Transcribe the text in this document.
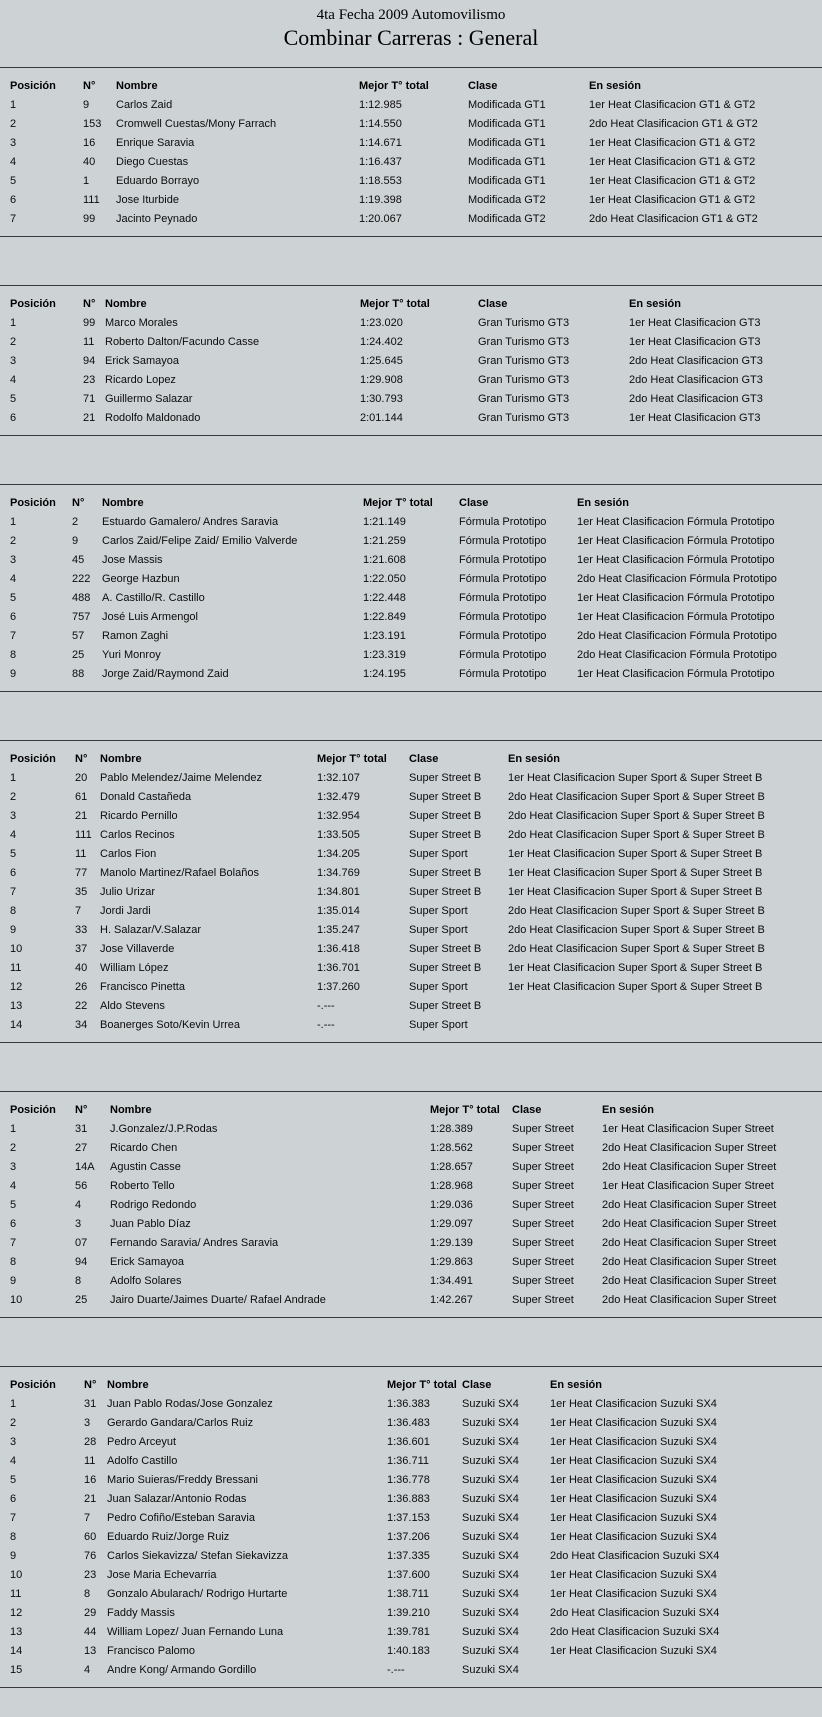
4ta Fecha 2009 Automovilismo
Combinar Carreras : General
Posición	N°	Nombre	Mejor T° total	Clase	En sesión
1	9	Carlos Zaid	1:12.985	Modificada GT1	1er Heat Clasificacion GT1 & GT2
2	153	Cromwell Cuestas/Mony Farrach	1:14.550	Modificada GT1	2do Heat Clasificacion GT1 & GT2
3	16	Enrique Saravia	1:14.671	Modificada GT1	1er Heat Clasificacion GT1 & GT2
4	40	Diego Cuestas	1:16.437	Modificada GT1	1er Heat Clasificacion GT1 & GT2
5	1	Eduardo Borrayo	1:18.553	Modificada GT1	1er Heat Clasificacion GT1 & GT2
6	111	Jose Iturbide	1:19.398	Modificada GT2	1er Heat Clasificacion GT1 & GT2
7	99	Jacinto Peynado	1:20.067	Modificada GT2	2do Heat Clasificacion GT1 & GT2
Posición	N° Nombre	Mejor T° total	Clase	En sesión
1	99 Marco Morales	1:23.020	Gran Turismo GT3	1er Heat Clasificacion GT3
2	11 Roberto Dalton/Facundo Casse	1:24.402	Gran Turismo GT3	1er Heat Clasificacion GT3
3	94 Erick Samayoa	1:25.645	Gran Turismo GT3	2do Heat Clasificacion GT3
4	23 Ricardo Lopez	1:29.908	Gran Turismo GT3	2do Heat Clasificacion GT3
5	71 Guillermo Salazar	1:30.793	Gran Turismo GT3	2do Heat Clasificacion GT3
6	21 Rodolfo Maldonado	2:01.144	Gran Turismo GT3	1er Heat Clasificacion GT3
Posición	N°	Nombre	Mejor T° total	Clase	En sesión
1	2	Estuardo Gamalero/ Andres Saravia	1:21.149	Fórmula Prototipo	1er Heat Clasificacion Fórmula Prototipo
2	9	Carlos Zaid/Felipe Zaid/ Emilio Valverde	1:21.259	Fórmula Prototipo	1er Heat Clasificacion Fórmula Prototipo
3	45	Jose Massis	1:21.608	Fórmula Prototipo	1er Heat Clasificacion Fórmula Prototipo
4	222	George Hazbun	1:22.050	Fórmula Prototipo	2do Heat Clasificacion Fórmula Prototipo
5	488	A. Castillo/R. Castillo	1:22.448	Fórmula Prototipo	1er Heat Clasificacion Fórmula Prototipo
6	757	José Luis Armengol	1:22.849	Fórmula Prototipo	1er Heat Clasificacion Fórmula Prototipo
7	57	Ramon Zaghi	1:23.191	Fórmula Prototipo	2do Heat Clasificacion Fórmula Prototipo
8	25	Yuri Monroy	1:23.319	Fórmula Prototipo	2do Heat Clasificacion Fórmula Prototipo
9	88	Jorge Zaid/Raymond Zaid	1:24.195	Fórmula Prototipo	1er Heat Clasificacion Fórmula Prototipo
Posición	N°	Nombre	Mejor T° total	Clase	En sesión
1	20	Pablo Melendez/Jaime Melendez	1:32.107	Super Street B	1er Heat Clasificacion Super Sport & Super Street B
2	61	Donald Castañeda	1:32.479	Super Street B	2do Heat Clasificacion Super Sport & Super Street B
3	21	Ricardo Pernillo	1:32.954	Super Street B	2do Heat Clasificacion Super Sport & Super Street B
4	111 Carlos Recinos	1:33.505	Super Street B	2do Heat Clasificacion Super Sport & Super Street B
5	11	Carlos Fion	1:34.205	Super Sport	1er Heat Clasificacion Super Sport & Super Street B
6	77	Manolo Martinez/Rafael Bolaños	1:34.769	Super Street B	1er Heat Clasificacion Super Sport & Super Street B
7	35	Julio Urizar	1:34.801	Super Street B	1er Heat Clasificacion Super Sport & Super Street B
8	7	Jordi Jardi	1:35.014	Super Sport	2do Heat Clasificacion Super Sport & Super Street B
9	33	H. Salazar/V.Salazar	1:35.247	Super Sport	2do Heat Clasificacion Super Sport & Super Street B
10	37	Jose Villaverde	1:36.418	Super Street B	2do Heat Clasificacion Super Sport & Super Street B
11	40	William López	1:36.701	Super Street B	1er Heat Clasificacion Super Sport & Super Street B
12	26	Francisco Pinetta	1:37.260	Super Sport	1er Heat Clasificacion Super Sport & Super Street B
13	22	Aldo Stevens	-.---	Super Street B
14	34	Boanerges Soto/Kevin Urrea	-.---	Super Sport
Posición	N°	Nombre	Mejor T° total	Clase	En sesión
1	31	J.Gonzalez/J.P.Rodas	1:28.389	Super Street	1er Heat Clasificacion Super Street
2	27	Ricardo Chen	1:28.562	Super Street	2do Heat Clasificacion Super Street
3	14A	Agustin Casse	1:28.657	Super Street	2do Heat Clasificacion Super Street
4	56	Roberto Tello	1:28.968	Super Street	1er Heat Clasificacion Super Street
5	4	Rodrigo Redondo	1:29.036	Super Street	2do Heat Clasificacion Super Street
6	3	Juan Pablo Díaz	1:29.097	Super Street	2do Heat Clasificacion Super Street
7	07	Fernando Saravia/ Andres Saravia	1:29.139	Super Street	2do Heat Clasificacion Super Street
8	94	Erick Samayoa	1:29.863	Super Street	2do Heat Clasificacion Super Street
9	8	Adolfo Solares	1:34.491	Super Street	2do Heat Clasificacion Super Street
10	25	Jairo Duarte/Jaimes Duarte/ Rafael Andrade	1:42.267	Super Street	2do Heat Clasificacion Super Street
Posición	N° Nombre	Mejor T° total Clase	En sesión
1	31 Juan Pablo Rodas/Jose Gonzalez	1:36.383	Suzuki SX4	1er Heat Clasificacion Suzuki SX4
2	3	Gerardo Gandara/Carlos Ruiz	1:36.483	Suzuki SX4	1er Heat Clasificacion Suzuki SX4
3	28 Pedro Arceyut	1:36.601	Suzuki SX4	1er Heat Clasificacion Suzuki SX4
4	11	Adolfo Castillo	1:36.711	Suzuki SX4	1er Heat Clasificacion Suzuki SX4
5	16 Mario Suieras/Freddy Bressani	1:36.778	Suzuki SX4	1er Heat Clasificacion Suzuki SX4
6	21 Juan Salazar/Antonio Rodas	1:36.883	Suzuki SX4	1er Heat Clasificacion Suzuki SX4
7	7	Pedro Cofiño/Esteban Saravia	1:37.153	Suzuki SX4	1er Heat Clasificacion Suzuki SX4
8	60 Eduardo Ruiz/Jorge Ruiz	1:37.206	Suzuki SX4	1er Heat Clasificacion Suzuki SX4
9	76 Carlos Siekavizza/ Stefan Siekavizza	1:37.335	Suzuki SX4	2do Heat Clasificacion Suzuki SX4
10	23 Jose Maria Echevarria	1:37.600	Suzuki SX4	1er Heat Clasificacion Suzuki SX4
11	8	Gonzalo Abularach/ Rodrigo Hurtarte	1:38.711	Suzuki SX4	1er Heat Clasificacion Suzuki SX4
12	29 Faddy Massis	1:39.210	Suzuki SX4	2do Heat Clasificacion Suzuki SX4
13	44 William Lopez/ Juan Fernando Luna	1:39.781	Suzuki SX4	2do Heat Clasificacion Suzuki SX4
14	13 Francisco Palomo	1:40.183	Suzuki SX4	1er Heat Clasificacion Suzuki SX4
15	4	Andre Kong/ Armando Gordillo	-.---	Suzuki SX4
